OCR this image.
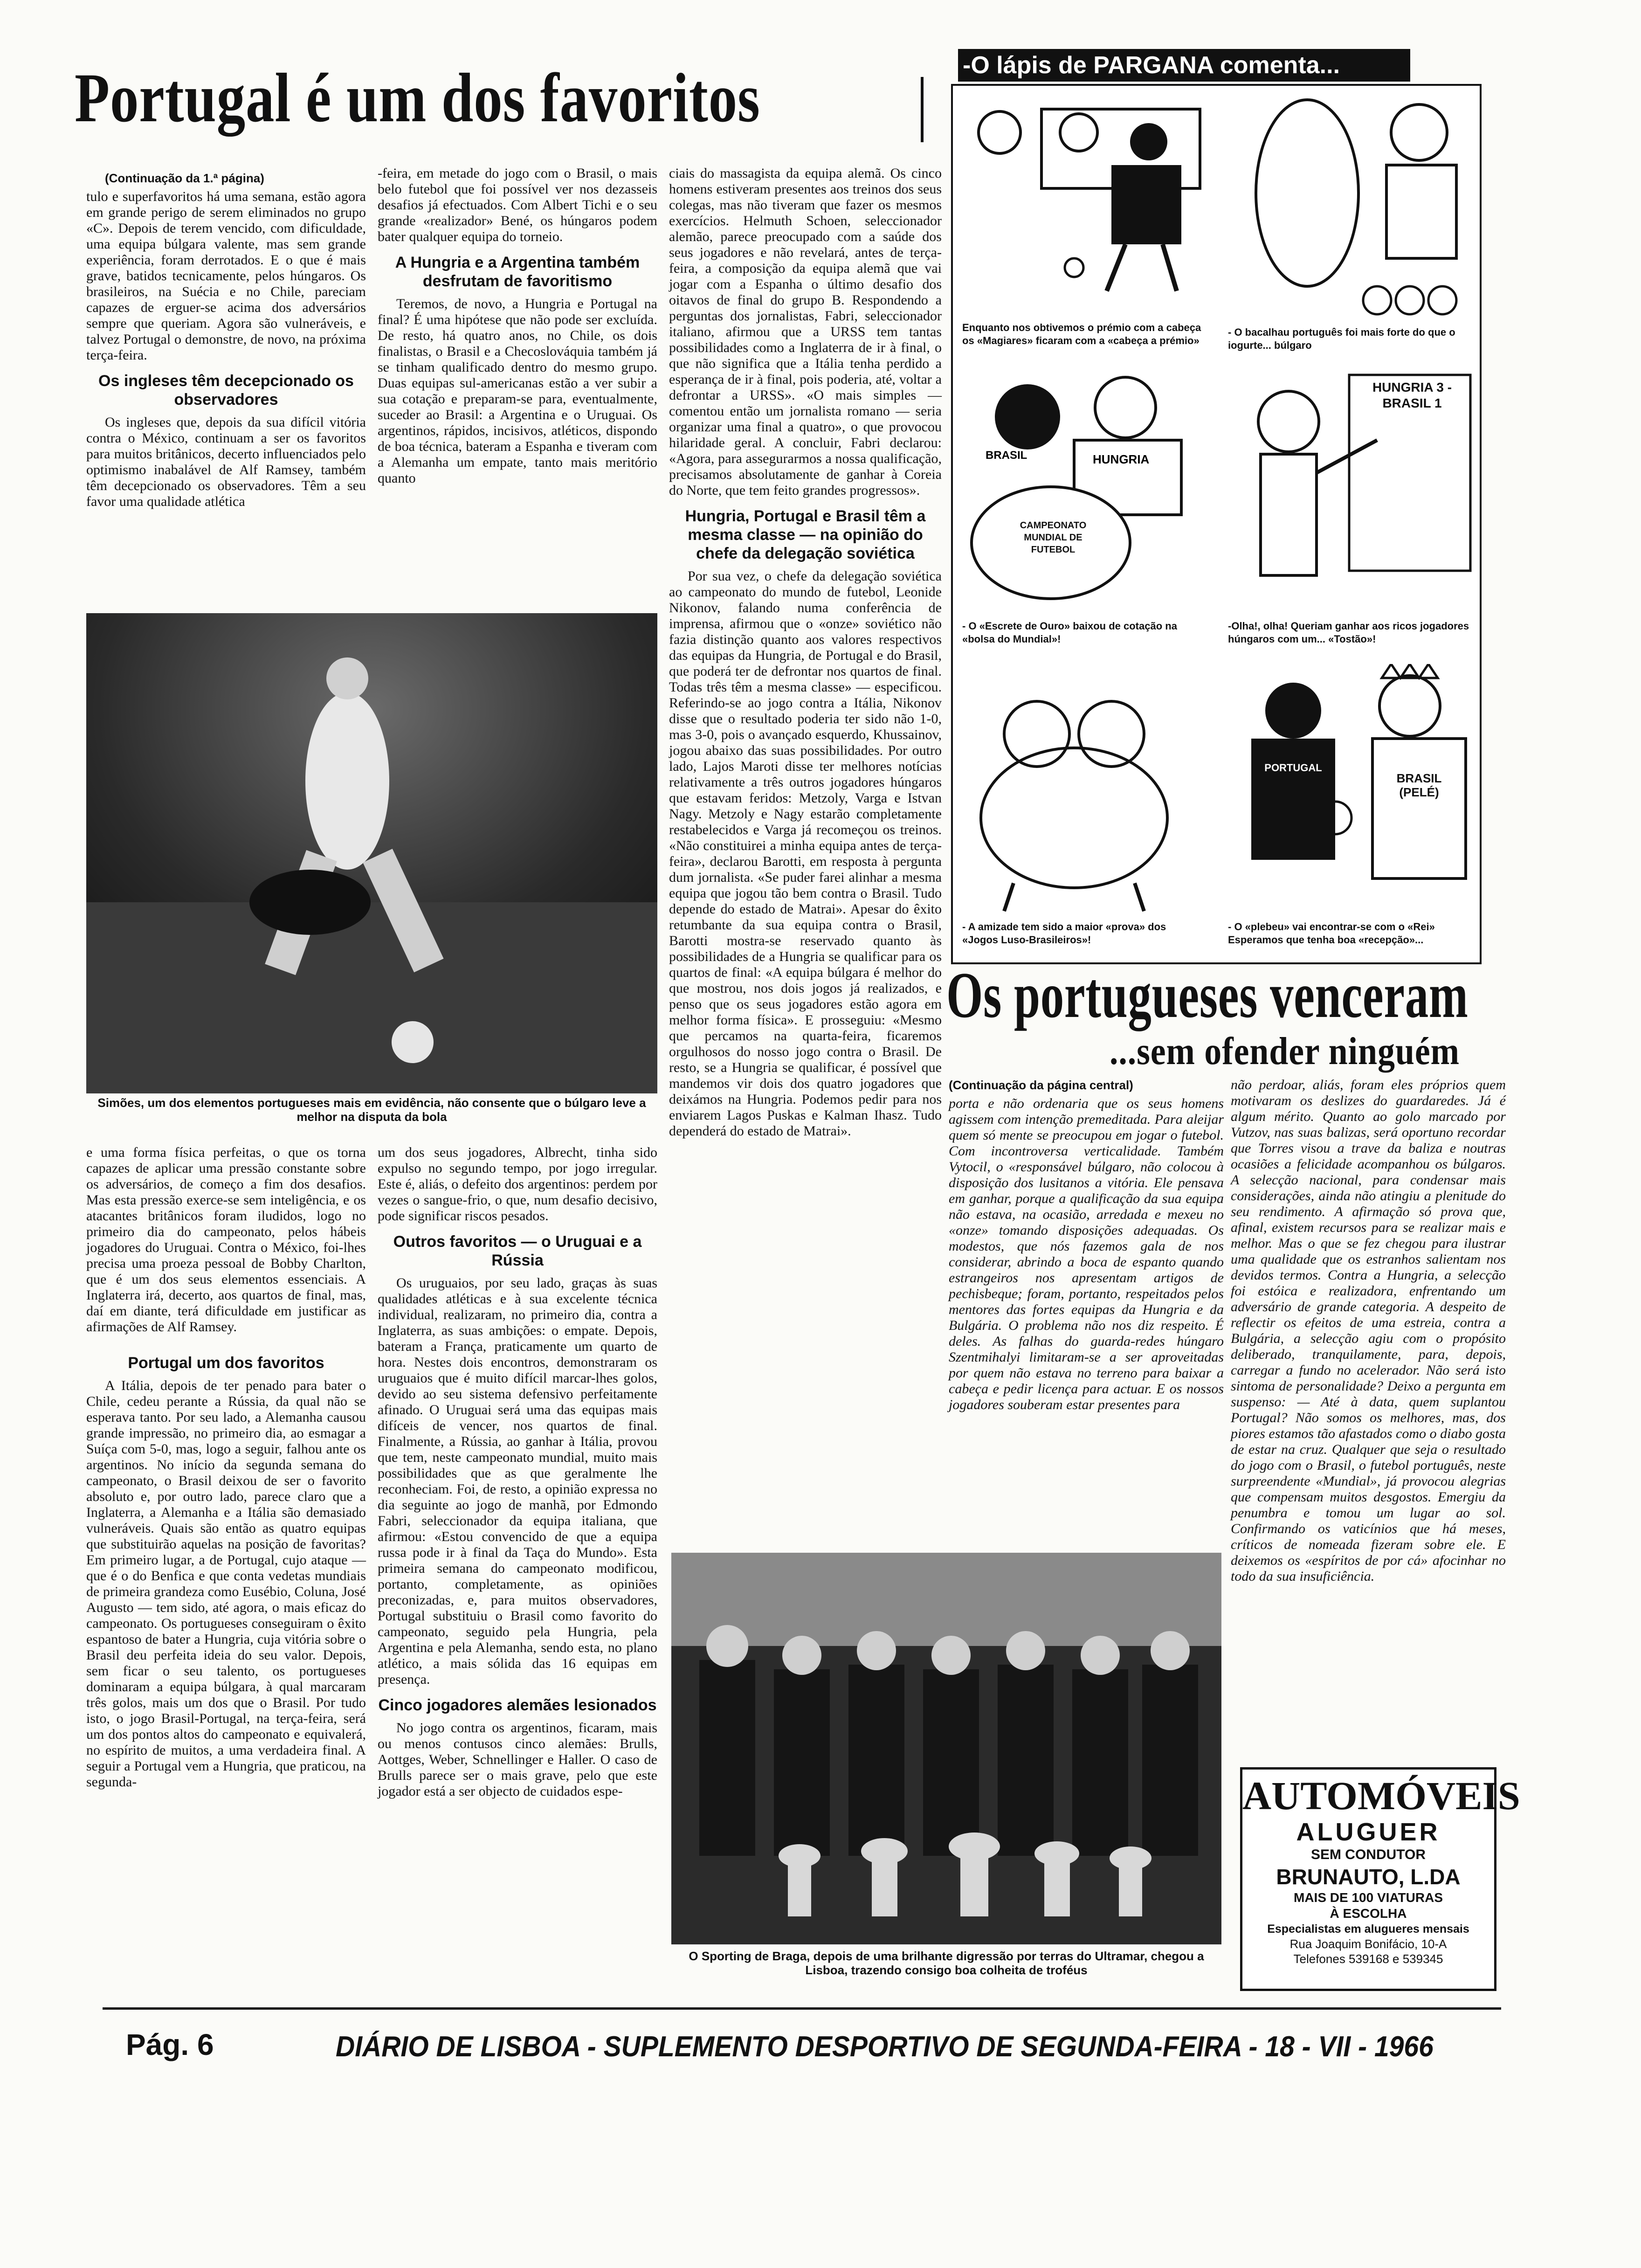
Portugal é um dos favoritos
(Continuação da 1.ª página)

tulo e superfavoritos há uma semana, estão agora em grande perigo de serem eliminados no grupo «C». Depois de terem vencido, com dificuldade, uma equipa búlgara valente, mas sem grande experiência, foram derrotados. E o que é mais grave, batidos tecnicamente, pelos húngaros. Os brasileiros, na Suécia e no Chile, pareciam capazes de erguer-se acima dos adversários sempre que queriam. Agora são vulneráveis, e talvez Portugal o demonstre, de novo, na próxima terça-feira.

Os ingleses têm decepcionado os observadores

Os ingleses que, depois da sua difícil vitória contra o México, continuam a ser os favoritos para muitos britânicos, decerto influenciados pelo optimismo inabalável de Alf Ramsey, também têm decepcionado os observadores. Têm a seu favor uma qualidade atlética

-feira, em metade do jogo com o Brasil, o mais belo futebol que foi possível ver nos dezasseis desafios já efectuados. Com Albert Tichi e o seu grande «realizador» Bené, os húngaros podem bater qualquer equipa do torneio.

A Hungria e a Argentina também desfrutam de favoritismo

Teremos, de novo, a Hungria e Portugal na final? É uma hipótese que não pode ser excluída. De resto, há quatro anos, no Chile, os dois finalistas, o Brasil e a Checoslováquia também já se tinham qualificado dentro do mesmo grupo. Duas equipas sul-americanas estão a ver subir a sua cotação e preparam-se para, eventualmente, suceder ao Brasil: a Argentina e o Uruguai. Os argentinos, rápidos, incisivos, atléticos, dispondo de boa técnica, bateram a Espanha e tiveram com a Alemanha um empate, tanto mais meritório quanto

ciais do massagista da equipa alemã. Os cinco homens estiveram presentes aos treinos dos seus colegas, mas não tiveram que fazer os mesmos exercícios. Helmuth Schoen, seleccionador alemão, parece preocupado com a saúde dos seus jogadores e não revelará, antes de terça-feira, a composição da equipa alemã que vai jogar com a Espanha o último desafio dos oitavos de final do grupo B. Respondendo a perguntas dos jornalistas, Fabri, seleccionador italiano, afirmou que a URSS tem tantas possibilidades como a Inglaterra de ir à final, o que não significa que a Itália tenha perdido a esperança de ir à final, pois poderia, até, voltar a defrontar a URSS». «O mais simples — comentou então um jornalista romano — seria organizar uma final a quatro», o que provocou hilaridade geral. A concluir, Fabri declarou: «Agora, para assegurarmos a nossa qualificação, precisamos absolutamente de ganhar à Coreia do Norte, que tem feito grandes progressos».

Hungria, Portugal e Brasil têm a mesma classe — na opinião do chefe da delegação soviética

Por sua vez, o chefe da delegação soviética ao campeonato do mundo de futebol, Leonide Nikonov, falando numa conferência de imprensa, afirmou que o «onze» soviético não fazia distinção quanto aos valores respectivos das equipas da Hungria, de Portugal e do Brasil, que poderá ter de defrontar nos quartos de final. Todas três têm a mesma classe» — especificou. Referindo-se ao jogo contra a Itália, Nikonov disse que o resultado poderia ter sido não 1-0, mas 3-0, pois o avançado esquerdo, Khussainov, jogou abaixo das suas possibilidades. Por outro lado, Lajos Maroti disse ter melhores notícias relativamente a três outros jogadores húngaros que estavam feridos: Metzoly, Varga e Istvan Nagy. Metzoly e Nagy estarão completamente restabelecidos e Varga já recomeçou os treinos. «Não constituirei a minha equipa antes de terça-feira», declarou Barotti, em resposta à pergunta dum jornalista. «Se puder farei alinhar a mesma equipa que jogou tão bem contra o Brasil. Tudo depende do estado de Matrai». Apesar do êxito retumbante da sua equipa contra o Brasil, Barotti mostra-se reservado quanto às possibilidades de a Hungria se qualificar para os quartos de final: «A equipa búlgara é melhor do que mostrou, nos dois jogos já realizados, e penso que os seus jogadores estão agora em melhor forma física». E prosseguiu: «Mesmo que percamos na quarta-feira, ficaremos orgulhosos do nosso jogo contra o Brasil. De resto, se a Hungria se qualificar, é possível que mandemos vir dois dos quatro jogadores que deixámos na Hungria. Podemos pedir para nos enviarem Lagos Puskas e Kalman Ihasz. Tudo dependerá do estado de Matrai».

Simões, um dos elementos portugueses mais em evidência, não consente que o búlgaro leve a melhor na disputa da bola

e uma forma física perfeitas, o que os torna capazes de aplicar uma pressão constante sobre os adversários, de começo a fim dos desafios. Mas esta pressão exerce-se sem inteligência, e os atacantes britânicos foram iludidos, logo no primeiro dia do campeonato, pelos hábeis jogadores do Uruguai. Contra o México, foi-lhes precisa uma proeza pessoal de Bobby Charlton, que é um dos seus elementos essenciais. A Inglaterra irá, decerto, aos quartos de final, mas, daí em diante, terá dificuldade em justificar as afirmações de Alf Ramsey.

Portugal um dos favoritos

A Itália, depois de ter penado para bater o Chile, cedeu perante a Rússia, da qual não se esperava tanto. Por seu lado, a Alemanha causou grande impressão, no primeiro dia, ao esmagar a Suíça com 5-0, mas, logo a seguir, falhou ante os argentinos. No início da segunda semana do campeonato, o Brasil deixou de ser o favorito absoluto e, por outro lado, parece claro que a Inglaterra, a Alemanha e a Itália são demasiado vulneráveis. Quais são então as quatro equipas que substituirão aquelas na posição de favoritas? Em primeiro lugar, a de Portugal, cujo ataque — que é o do Benfica e que conta vedetas mundiais de primeira grandeza como Eusébio, Coluna, José Augusto — tem sido, até agora, o mais eficaz do campeonato. Os portugueses conseguiram o êxito espantoso de bater a Hungria, cuja vitória sobre o Brasil deu perfeita ideia do seu valor. Depois, sem ficar o seu talento, os portugueses dominaram a equipa búlgara, à qual marcaram três golos, mais um dos que o Brasil. Por tudo isto, o jogo Brasil-Portugal, na terça-feira, será um dos pontos altos do campeonato e equivalerá, no espírito de muitos, a uma verdadeira final. A seguir a Portugal vem a Hungria, que praticou, na segunda-

um dos seus jogadores, Albrecht, tinha sido expulso no segundo tempo, por jogo irregular. Este é, aliás, o defeito dos argentinos: perdem por vezes o sangue-frio, o que, num desafio decisivo, pode significar riscos pesados.

Outros favoritos — o Uruguai e a Rússia

Os uruguaios, por seu lado, graças às suas qualidades atléticas e à sua excelente técnica individual, realizaram, no primeiro dia, contra a Inglaterra, as suas ambições: o empate. Depois, bateram a França, praticamente um quarto de hora. Nestes dois encontros, demonstraram os uruguaios que é muito difícil marcar-lhes golos, devido ao seu sistema defensivo perfeitamente afinado. O Uruguai será uma das equipas mais difíceis de vencer, nos quartos de final. Finalmente, a Rússia, ao ganhar à Itália, provou que tem, neste campeonato mundial, muito mais possibilidades que as que geralmente lhe reconheciam. Foi, de resto, a opinião expressa no dia seguinte ao jogo de manhã, por Edmondo Fabri, seleccionador da equipa italiana, que afirmou: «Estou convencido de que a equipa russa pode ir à final da Taça do Mundo». Esta primeira semana do campeonato modificou, portanto, completamente, as opiniões preconizadas, e, para muitos observadores, Portugal substituiu o Brasil como favorito do campeonato, seguido pela Hungria, pela Argentina e pela Alemanha, sendo esta, no plano atlético, a mais sólida das 16 equipas em presença.

Cinco jogadores alemães lesionados

No jogo contra os argentinos, ficaram, mais ou menos contusos cinco alemães: Brulls, Aottges, Weber, Schnellinger e Haller. O caso de Brulls parece ser o mais grave, pelo que este jogador está a ser objecto de cuidados espe-

-O lápis de PARGANA comenta...
Enquanto nos obtivemos o prémio com a cabeça os «Magiares» ficaram com a «cabeça a prémio»
- O bacalhau português foi mais forte do que o iogurte... búlgaro
BRASIL	HUNGRIA
CAMPEONATO MUNDIAL DE FUTEBOL
- O «Escrete de Ouro» baixou de cotação na «bolsa do Mundial»!
HUNGRIA 3 - BRASIL 1
-Olha!, olha! Queriam ganhar aos ricos jogadores húngaros com um... «Tostão»!
- A amizade tem sido a maior «prova» dos «Jogos Luso-Brasileiros»!
PORTUGAL
BRASIL (PELÉ)
- O «plebeu» vai encontrar-se com o «Rei» Esperamos que tenha boa «recepção»...
Os portugueses venceram
...sem ofender ninguém
(Continuação da página central)

porta e não ordenaria que os seus homens agissem com intenção premeditada. Para aleijar quem só mente se preocupou em jogar o futebol. Com incontroversa verticalidade. Também Vytocil, o «responsável búlgaro, não colocou à disposição dos lusitanos a vitória. Ele pensava em ganhar, porque a qualificação da sua equipa não estava, na ocasião, arredada e mexeu no «onze» tomando disposições adequadas. Os modestos, que nós fazemos gala de nos considerar, abrindo a boca de espanto quando estrangeiros nos apresentam artigos de pechisbeque; foram, portanto, respeitados pelos mentores das fortes equipas da Hungria e da Bulgária. O problema não nos diz respeito. É deles. As falhas do guarda-redes húngaro Szentmihalyi limitaram-se a ser aproveitadas por quem não estava no terreno para baixar a cabeça e pedir licença para actuar. E os nossos jogadores souberam estar presentes para

não perdoar, aliás, foram eles próprios quem motivaram os deslizes do guardaredes. Já é algum mérito. Quanto ao golo marcado por Vutzov, nas suas balizas, será oportuno recordar que Torres visou a trave da baliza e noutras ocasiões a felicidade acompanhou os búlgaros. A selecção nacional, para condensar mais considerações, ainda não atingiu a plenitude do seu rendimento. A afirmação só prova que, afinal, existem recursos para se realizar mais e melhor. Mas o que se fez chegou para ilustrar uma qualidade que os estranhos salientam nos devidos termos. Contra a Hungria, a selecção foi estóica e realizadora, enfrentando um adversário de grande categoria. A despeito de reflectir os efeitos de uma estreia, contra a Bulgária, a selecção agiu com o propósito deliberado, tranquilamente, para, depois, carregar a fundo no acelerador. Não será isto sintoma de personalidade? Deixo a pergunta em suspenso: — Até à data, quem suplantou Portugal? Não somos os melhores, mas, dos piores estamos tão afastados como o diabo gosta de estar na cruz. Qualquer que seja o resultado do jogo com o Brasil, o futebol português, neste surpreendente «Mundial», já provocou alegrias que compensam muitos desgostos. Emergiu da penumbra e tomou um lugar ao sol. Confirmando os vaticínios que há meses, críticos de nomeada fizeram sobre ele. E deixemos os «espíritos de por cá» afocinhar no todo da sua insuficiência.

O Sporting de Braga, depois de uma brilhante digressão por terras do Ultramar, chegou a Lisboa, trazendo consigo boa colheita de troféus
AUTOMÓVEIS
ALUGUER
SEM CONDUTOR
BRUNAUTO, L.DA
MAIS DE 100 VIATURAS
À ESCOLHA
Especialistas em alugueres mensais
Rua Joaquim Bonifácio, 10-A
Telefones 539168 e 539345
Pág. 6	DIÁRIO DE LISBOA - SUPLEMENTO DESPORTIVO DE SEGUNDA-FEIRA - 18 - VII - 1966
